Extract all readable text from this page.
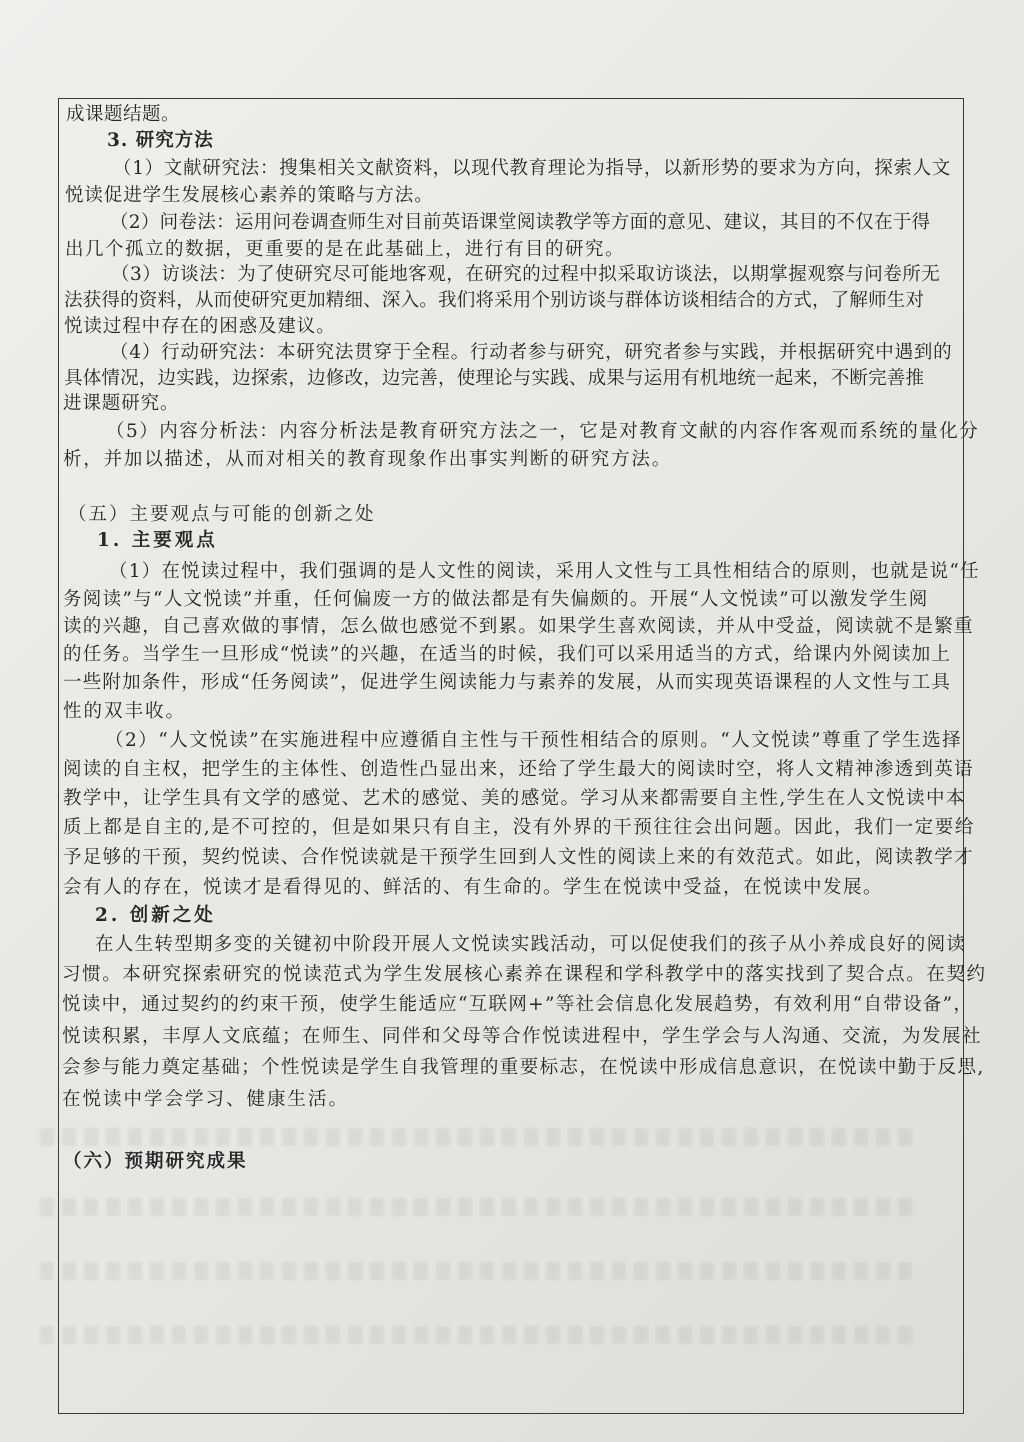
成课题结题。
3. 研究方法
（1）文献研究法：搜集相关文献资料，以现代教育理论为指导，以新形势的要求为方向，探索人文
悦读促进学生发展核心素养的策略与方法。
（2）问卷法：运用问卷调查师生对目前英语课堂阅读教学等方面的意见、建议，其目的不仅在于得
出几个孤立的数据，更重要的是在此基础上，进行有目的研究。
（3）访谈法：为了使研究尽可能地客观，在研究的过程中拟采取访谈法，以期掌握观察与问卷所无
法获得的资料，从而使研究更加精细、深入。我们将采用个别访谈与群体访谈相结合的方式，了解师生对
悦读过程中存在的困惑及建议。
（4）行动研究法：本研究法贯穿于全程。行动者参与研究，研究者参与实践，并根据研究中遇到的
具体情况，边实践，边探索，边修改，边完善，使理论与实践、成果与运用有机地统一起来，不断完善推
进课题研究。
（5）内容分析法：内容分析法是教育研究方法之一，它是对教育文献的内容作客观而系统的量化分
析，并加以描述，从而对相关的教育现象作出事实判断的研究方法。
（五）主要观点与可能的创新之处
1. 主要观点
（1）在悦读过程中，我们强调的是人文性的阅读，采用人文性与工具性相结合的原则，也就是说“任
务阅读”与“人文悦读”并重，任何偏废一方的做法都是有失偏颇的。开展“人文悦读”可以激发学生阅
读的兴趣，自己喜欢做的事情，怎么做也感觉不到累。如果学生喜欢阅读，并从中受益，阅读就不是繁重
的任务。当学生一旦形成“悦读”的兴趣，在适当的时候，我们可以采用适当的方式，给课内外阅读加上
一些附加条件，形成“任务阅读”，促进学生阅读能力与素养的发展，从而实现英语课程的人文性与工具
性的双丰收。
（2）“人文悦读”在实施进程中应遵循自主性与干预性相结合的原则。“人文悦读”尊重了学生选择
阅读的自主权，把学生的主体性、创造性凸显出来，还给了学生最大的阅读时空，将人文精神渗透到英语
教学中，让学生具有文学的感觉、艺术的感觉、美的感觉。学习从来都需要自主性,学生在人文悦读中本
质上都是自主的,是不可控的，但是如果只有自主，没有外界的干预往往会出问题。因此，我们一定要给
予足够的干预，契约悦读、合作悦读就是干预学生回到人文性的阅读上来的有效范式。如此，阅读教学才
会有人的存在，悦读才是看得见的、鲜活的、有生命的。学生在悦读中受益，在悦读中发展。
2. 创新之处
在人生转型期多变的关键初中阶段开展人文悦读实践活动，可以促使我们的孩子从小养成良好的阅读
习惯。本研究探索研究的悦读范式为学生发展核心素养在课程和学科教学中的落实找到了契合点。在契约
悦读中，通过契约的约束干预，使学生能适应“互联网+”等社会信息化发展趋势，有效利用“自带设备”，
悦读积累，丰厚人文底蕴；在师生、同伴和父母等合作悦读进程中，学生学会与人沟通、交流，为发展社
会参与能力奠定基础；个性悦读是学生自我管理的重要标志，在悦读中形成信息意识，在悦读中勤于反思,
在悦读中学会学习、健康生活。
（六）预期研究成果
